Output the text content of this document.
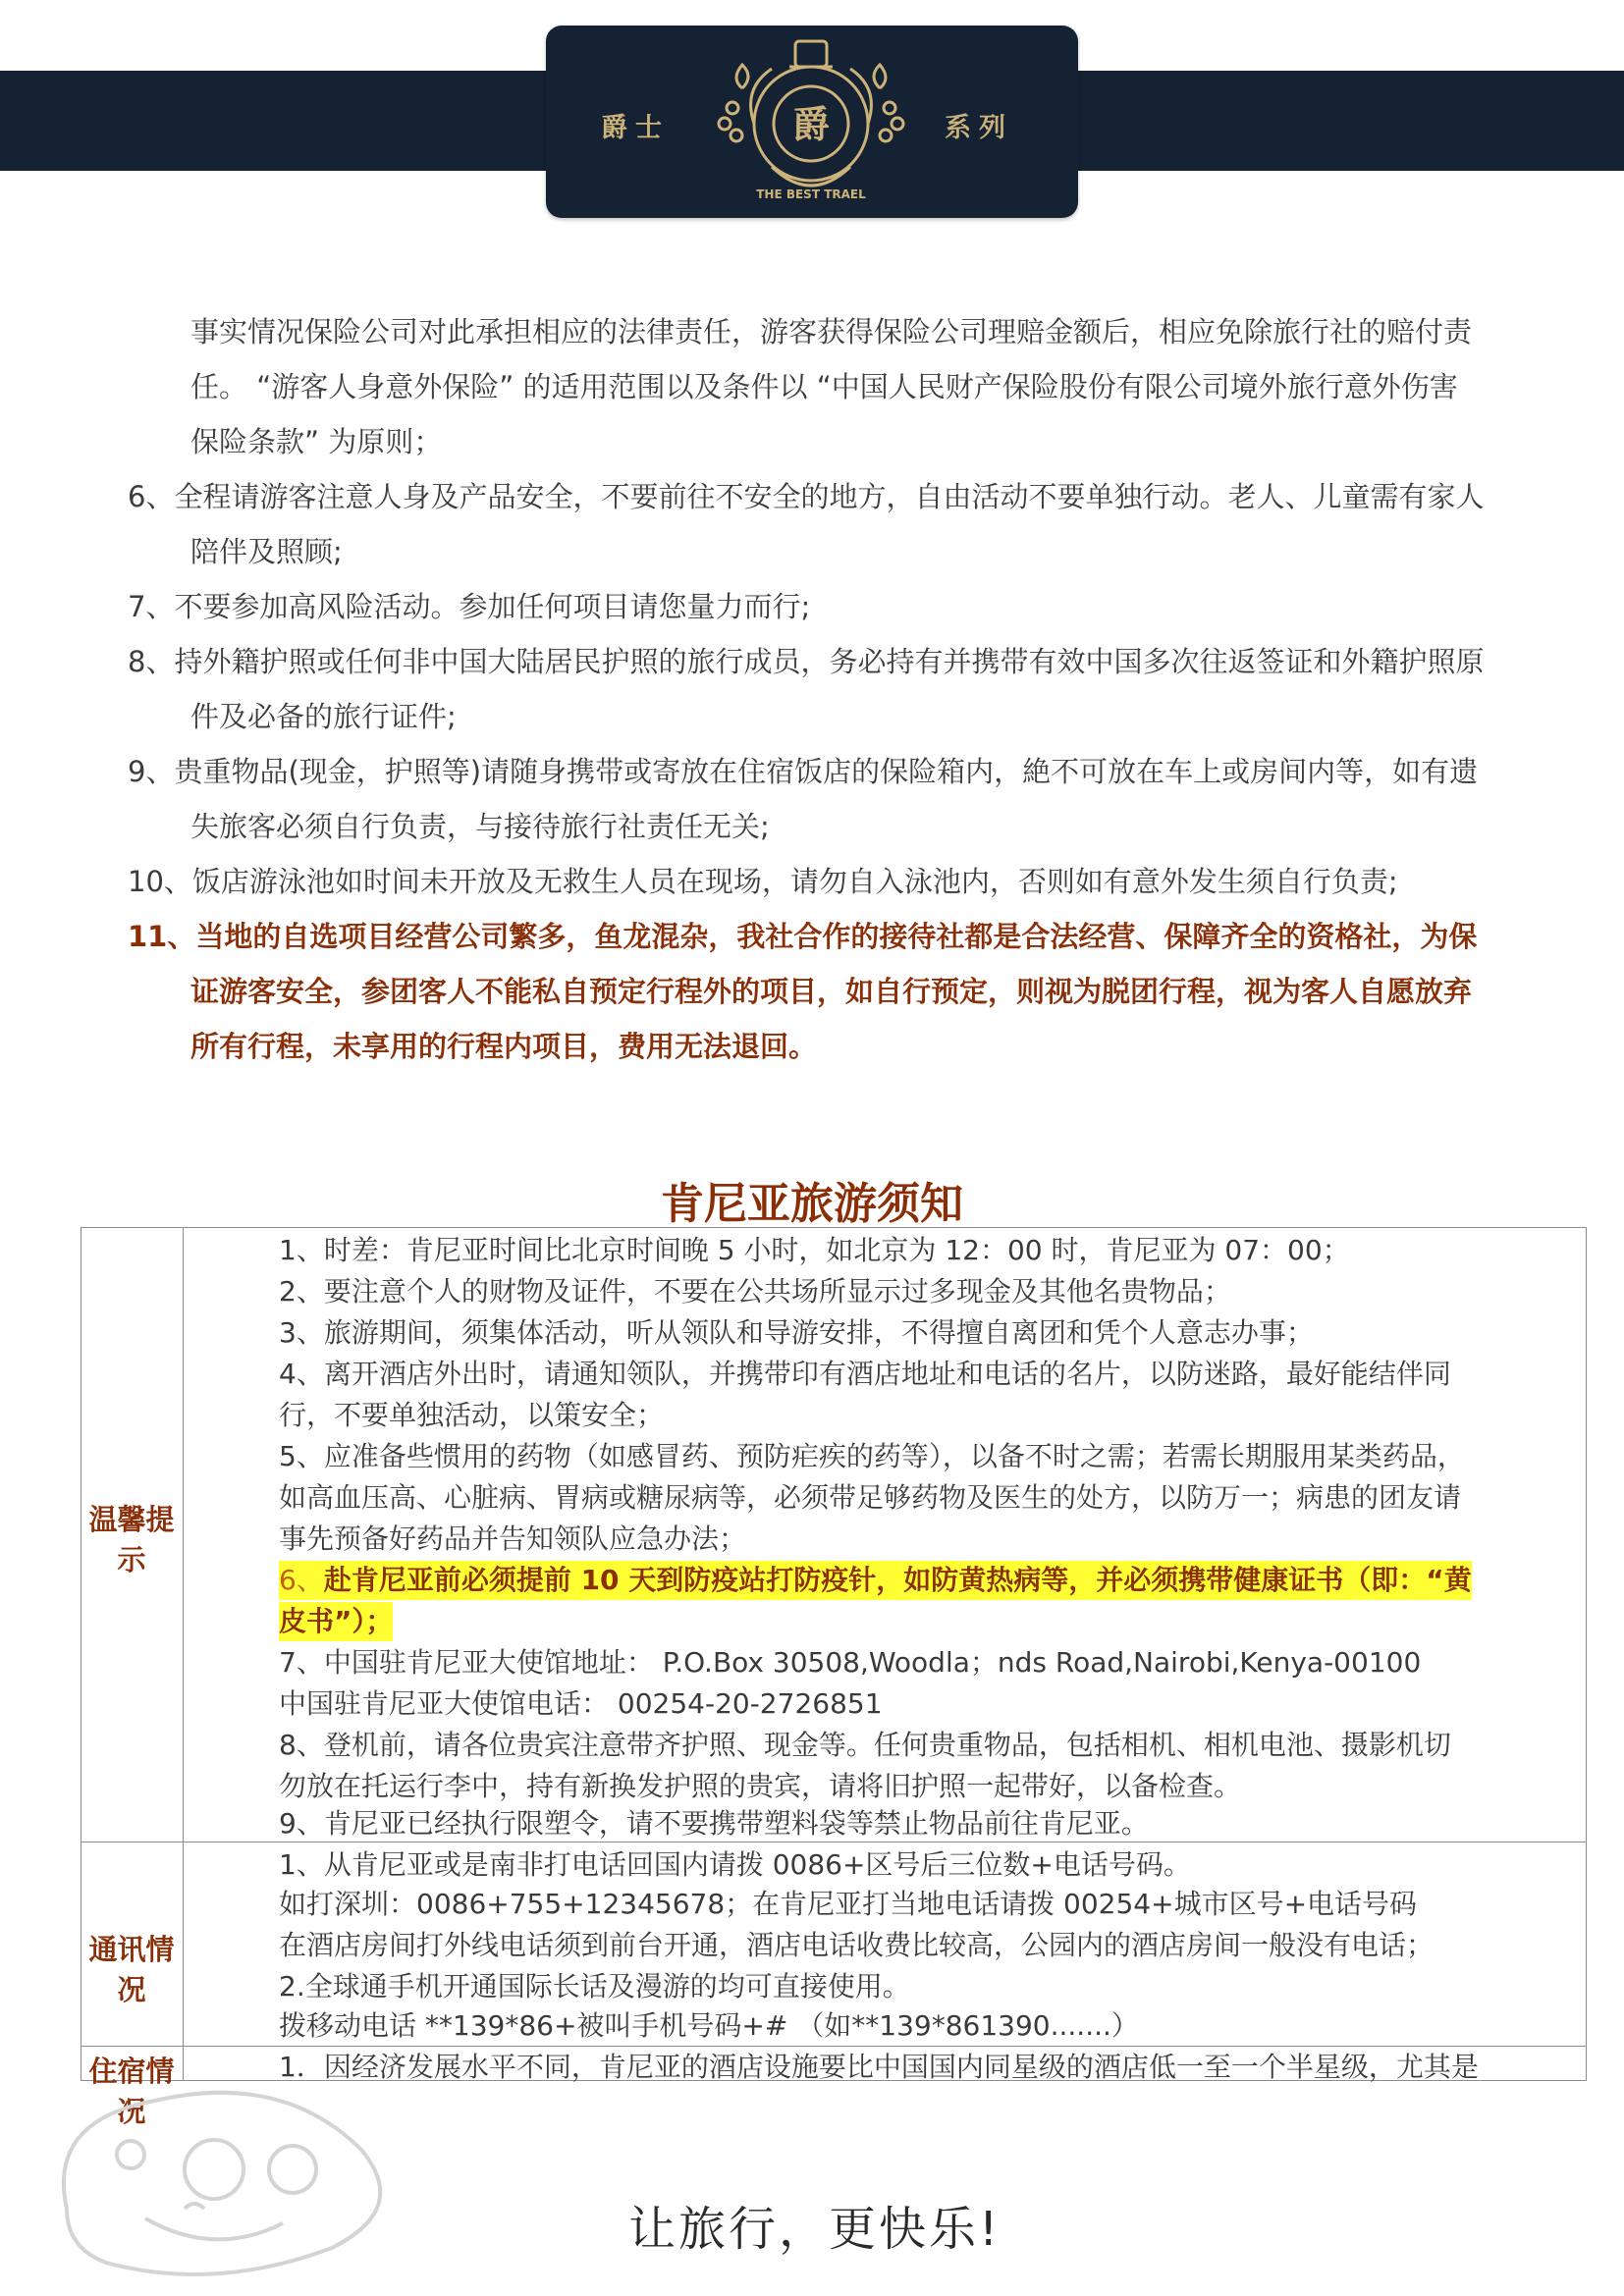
爵士	系列
爵
THE BEST TRAEL
事实情况保险公司对此承担相应的法律责任，游客获得保险公司理赔金额后，相应免除旅行社的赔付责
任。 “游客人身意外保险” 的适用范围以及条件以 “中国人民财产保险股份有限公司境外旅行意外伤害
保险条款” 为原则；
6、全程请游客注意人身及产品安全，不要前往不安全的地方，自由活动不要单独行动。老人、儿童需有家人
陪伴及照顾;
7、不要参加高风险活动。参加任何项目请您量力而行;
8、持外籍护照或任何非中国大陆居民护照的旅行成员，务必持有并携带有效中国多次往返签证和外籍护照原
件及必备的旅行证件;
9、贵重物品(现金，护照等)请随身携带或寄放在住宿饭店的保险箱内，絶不可放在车上或房间内等，如有遗
失旅客必须自行负责，与接待旅行社责任无关;
10、饭店游泳池如时间未开放及无救生人员在现场，请勿自入泳池内，否则如有意外发生须自行负责;
11、当地的自选项目经营公司繁多，鱼龙混杂，我社合作的接待社都是合法经营、保障齐全的资格社，为保
证游客安全，参团客人不能私自预定行程外的项目，如自行预定，则视为脱团行程，视为客人自愿放弃
所有行程，未享用的行程内项目，费用无法退回。
肯尼亚旅游须知
温馨提示
1、时差：肯尼亚时间比北京时间晚 5 小时，如北京为 12：00 时，肯尼亚为 07：00；
2、要注意个人的财物及证件，不要在公共场所显示过多现金及其他名贵物品；
3、旅游期间，须集体活动，听从领队和导游安排，不得擅自离团和凭个人意志办事；
4、离开酒店外出时，请通知领队，并携带印有酒店地址和电话的名片，以防迷路，最好能结伴同
行，不要单独活动，以策安全；
5、应准备些惯用的药物（如感冒药、预防疟疾的药等），以备不时之需；若需长期服用某类药品，
如高血压高、心脏病、胃病或糖尿病等，必须带足够药物及医生的处方，以防万一；病患的团友请
事先预备好药品并告知领队应急办法；
6、赴肯尼亚前必须提前 10 天到防疫站打防疫针，如防黄热病等，并必须携带健康证书（即：“黄
皮书”）；
7、中国驻肯尼亚大使馆地址： P.O.Box 30508,Woodla；nds Road,Nairobi,Kenya-00100
中国驻肯尼亚大使馆电话： 00254-20-2726851
8、登机前，请各位贵宾注意带齐护照、现金等。任何贵重物品，包括相机、相机电池、摄影机切
勿放在托运行李中，持有新换发护照的贵宾，请将旧护照一起带好，以备检查。
9、肯尼亚已经执行限塑令，请不要携带塑料袋等禁止物品前往肯尼亚。
通讯情况
1、从肯尼亚或是南非打电话回国内请拨 0086+区号后三位数+电话号码。
如打深圳：0086+755+12345678；在肯尼亚打当地电话请拨 00254+城市区号+电话号码
在酒店房间打外线电话须到前台开通，酒店电话收费比较高，公园内的酒店房间一般没有电话；
2.全球通手机开通国际长话及漫游的均可直接使用。
拨移动电话 **139*86+被叫手机号码+# （如**139*861390.......）
住宿情况
1．因经济发展水平不同，肯尼亚的酒店设施要比中国国内同星级的酒店低一至一个半星级，尤其是
让旅行，更快乐!
